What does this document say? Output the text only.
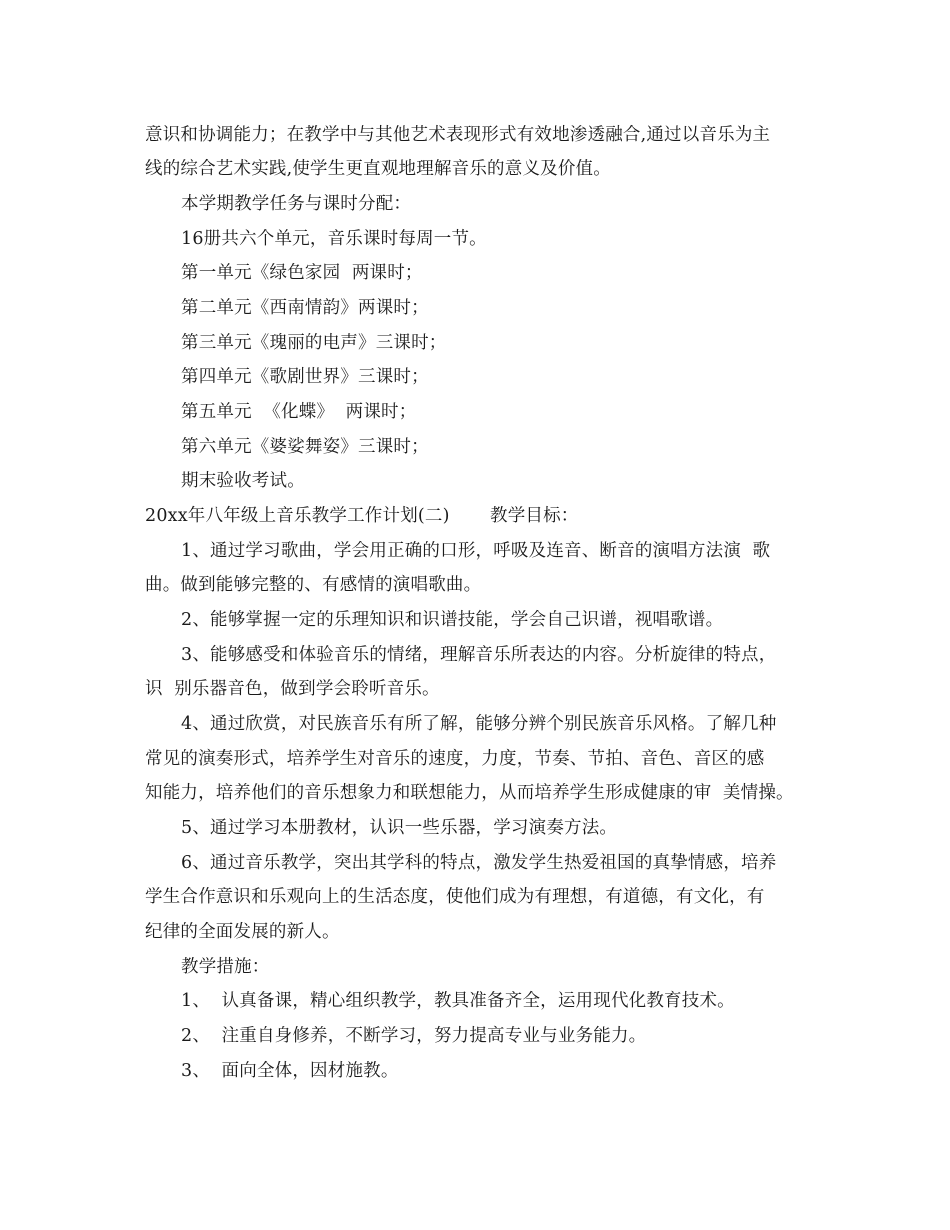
意识和协调能力；在教学中与其他艺术表现形式有效地渗透融合,通过以音乐为主
线的综合艺术实践,使学生更直观地理解音乐的意义及价值。
本学期教学任务与课时分配：
16册共六个单元，音乐课时每周一节。
第一单元《绿色家园  两课时；
第二单元《西南情韵》两课时；
第三单元《瑰丽的电声》三课时；
第四单元《歌剧世界》三课时；
第五单元  《化蝶》  两课时；
第六单元《婆娑舞姿》三课时；
期末验收考试。
20xx年八年级上音乐教学工作计划(二)       教学目标：
1、通过学习歌曲，学会用正确的口形，呼吸及连音、断音的演唱方法演  歌
曲。做到能够完整的、有感情的演唱歌曲。
2、能够掌握一定的乐理知识和识谱技能，学会自己识谱，视唱歌谱。
3、能够感受和体验音乐的情绪，理解音乐所表达的内容。分析旋律的特点，
识  别乐器音色，做到学会聆听音乐。
4、通过欣赏，对民族音乐有所了解，能够分辨个别民族音乐风格。了解几种
常见的演奏形式，培养学生对音乐的速度，力度，节奏、节拍、音色、音区的感
知能力，培养他们的音乐想象力和联想能力，从而培养学生形成健康的审  美情操。
5、通过学习本册教材，认识一些乐器，学习演奏方法。
6、通过音乐教学，突出其学科的特点，激发学生热爱祖国的真挚情感，培养
学生合作意识和乐观向上的生活态度，使他们成为有理想，有道德，有文化，有
纪律的全面发展的新人。
教学措施：
1、  认真备课，精心组织教学，教具准备齐全，运用现代化教育技术。
2、  注重自身修养，不断学习，努力提高专业与业务能力。
3、  面向全体，因材施教。
